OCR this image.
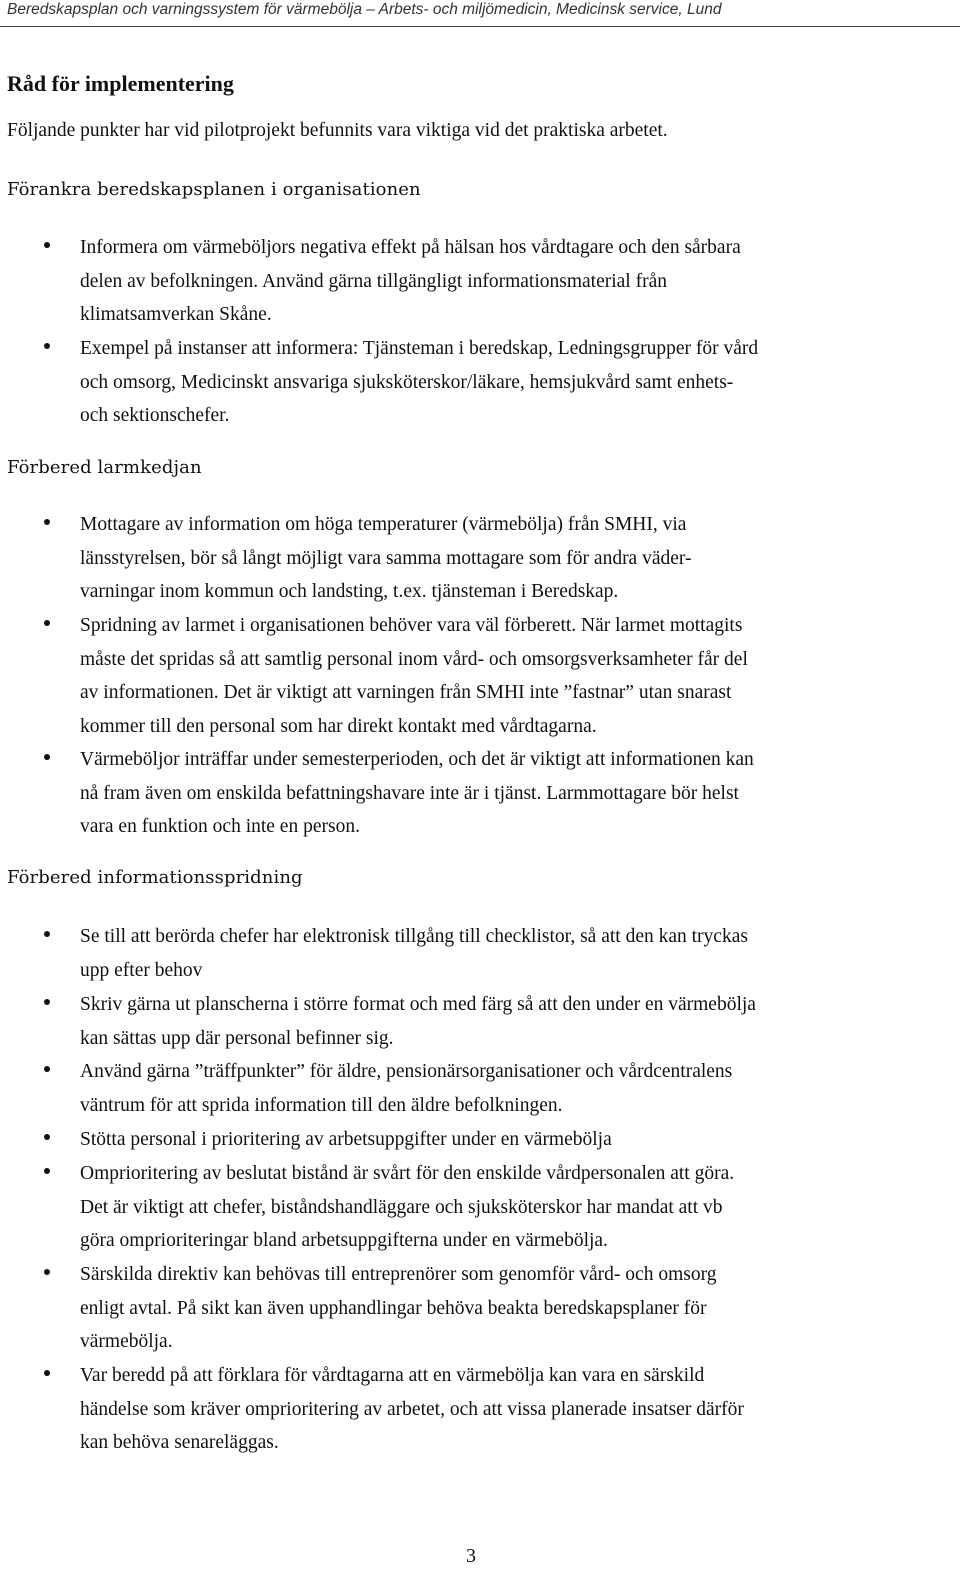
Beredskapsplan och varningssystem för värmebölja – Arbets- och miljömedicin, Medicinsk service, Lund
Råd för implementering

Följande punkter har vid pilotprojekt befunnits vara viktiga vid det praktiska arbetet.

Förankra beredskapsplanen i organisationen
Informera om värmeböljors negativa effekt på hälsan hos vårdtagare och den sårbara
delen av befolkningen. Använd gärna tillgängligt informationsmaterial från
klimatsamverkan Skåne.
Exempel på instanser att informera: Tjänsteman i beredskap, Ledningsgrupper för vård
och omsorg, Medicinskt ansvariga sjuksköterskor/läkare, hemsjukvård samt enhets-
och sektionschefer.
Förbered larmkedjan
Mottagare av information om höga temperaturer (värmebölja) från SMHI, via
länsstyrelsen, bör så långt möjligt vara samma mottagare som för andra väder-
varningar inom kommun och landsting, t.ex. tjänsteman i Beredskap.
Spridning av larmet i organisationen behöver vara väl förberett. När larmet mottagits
måste det spridas så att samtlig personal inom vård- och omsorgsverksamheter får del
av informationen. Det är viktigt att varningen från SMHI inte ”fastnar” utan snarast
kommer till den personal som har direkt kontakt med vårdtagarna.
Värmeböljor inträffar under semesterperioden, och det är viktigt att informationen kan
nå fram även om enskilda befattningshavare inte är i tjänst. Larmmottagare bör helst
vara en funktion och inte en person.
Förbered informationsspridning
Se till att berörda chefer har elektronisk tillgång till checklistor, så att den kan tryckas
upp efter behov
Skriv gärna ut planscherna i större format och med färg så att den under en värmebölja
kan sättas upp där personal befinner sig.
Använd gärna ”träffpunkter” för äldre, pensionärsorganisationer och vårdcentralens
väntrum för att sprida information till den äldre befolkningen.
Stötta personal i prioritering av arbetsuppgifter under en värmebölja
Omprioritering av beslutat bistånd är svårt för den enskilde vårdpersonalen att göra.
Det är viktigt att chefer, biståndshandläggare och sjuksköterskor har mandat att vb
göra omprioriteringar bland arbetsuppgifterna under en värmebölja.
Särskilda direktiv kan behövas till entreprenörer som genomför vård- och omsorg
enligt avtal. På sikt kan även upphandlingar behöva beakta beredskapsplaner för
värmebölja.
Var beredd på att förklara för vårdtagarna att en värmebölja kan vara en särskild
händelse som kräver omprioritering av arbetet, och att vissa planerade insatser därför
kan behöva senareläggas.
3
